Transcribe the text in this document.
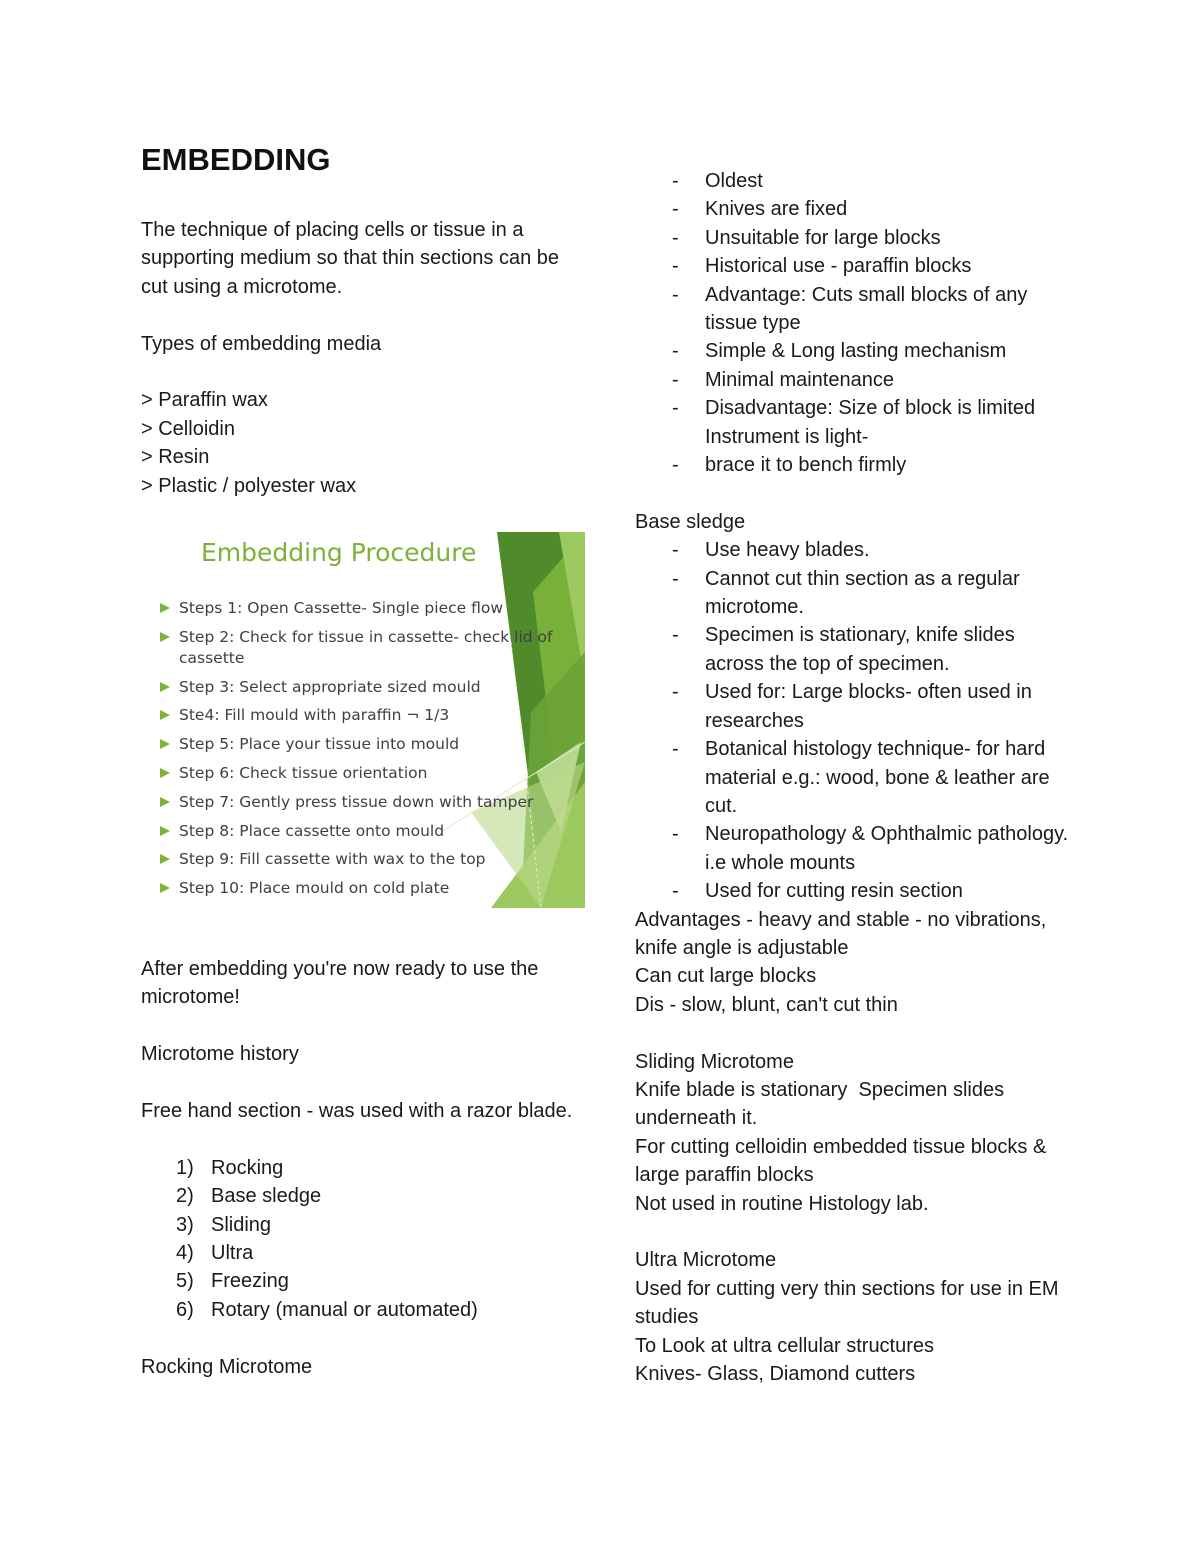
EMBEDDING

The technique of placing cells or tissue in a supporting medium so that thin sections can be cut using a microtome.

Types of embedding media

> Paraffin wax

> Celloidin

> Resin

> Plastic / polyester wax

After embedding you're now ready to use the microtome!

Microtome history

Free hand section - was used with a razor blade.

1) Rocking
2) Base sledge
3) Sliding
4) Ultra
5) Freezing
6) Rotary (manual or automated)

Rocking Microtome

Embedding Procedure
Steps 1: Open Cassette- Single piece flow
Step 2: Check for tissue in cassette- check lid of cassette
Step 3: Select appropriate sized mould
Ste4: Fill mould with paraffin ¬ 1/3
Step 5: Place your tissue into mould
Step 6: Check tissue orientation
Step 7: Gently press tissue down with tamper
Step 8: Place cassette onto mould
Step 9: Fill cassette with wax to the top
Step 10: Place mould on cold plate
- Oldest
- Knives are fixed
- Unsuitable for large blocks
- Historical use - paraffin blocks
- Advantage: Cuts small blocks of any tissue type
- Simple & Long lasting mechanism
- Minimal maintenance
- Disadvantage: Size of block is limited Instrument is light-
- brace it to bench firmly

Base sledge

- Use heavy blades.
- Cannot cut thin section as a regular microtome.
- Specimen is stationary, knife slides across the top of specimen.
- Used for: Large blocks- often used in researches
- Botanical histology technique- for hard material e.g.: wood, bone & leather are cut.
- Neuropathology & Ophthalmic pathology. i.e whole mounts
- Used for cutting resin section

Advantages - heavy and stable - no vibrations, knife angle is adjustable

Can cut large blocks

Dis - slow, blunt, can't cut thin

Sliding Microtome

Knife blade is stationary  Specimen slides underneath it.

For cutting celloidin embedded tissue blocks & large paraffin blocks

Not used in routine Histology lab.

Ultra Microtome

Used for cutting very thin sections for use in EM studies

To Look at ultra cellular structures

Knives- Glass, Diamond cutters
